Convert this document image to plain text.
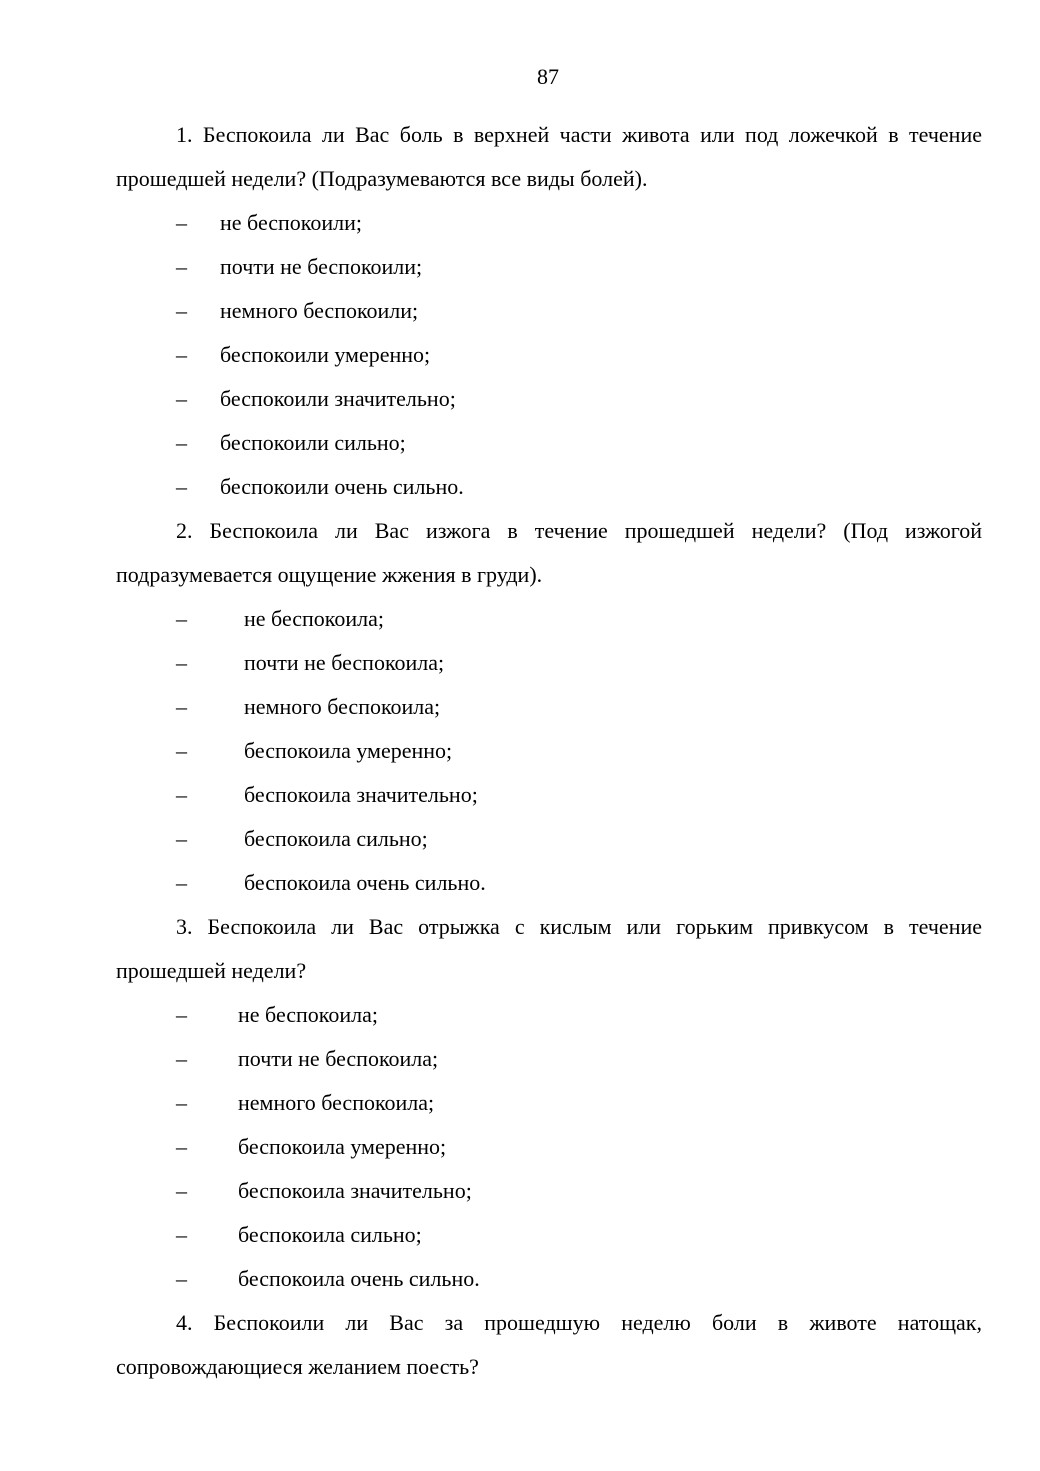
87

1. Беспокоила ли Вас боль в верхней части живота или под ложечкой в течение прошедшей недели? (Подразумеваются все виды болей).

– не беспокоили;
– почти не беспокоили;
– немного беспокоили;
– беспокоили умеренно;
– беспокоили значительно;
– беспокоили сильно;
– беспокоили очень сильно.

2. Беспокоила ли Вас изжога в течение прошедшей недели? (Под изжогой подразумевается ощущение жжения в груди).

–	не беспокоила;
–	почти не беспокоила;
–	немного беспокоила;
–	беспокоила умеренно;
–	беспокоила значительно;
–	беспокоила сильно;
–	беспокоила очень сильно.

3. Беспокоила ли Вас отрыжка с кислым или горьким привкусом в течение прошедшей недели?

– не беспокоила;
– почти не беспокоила;
– немного беспокоила;
– беспокоила умеренно;
– беспокоила значительно;
– беспокоила сильно;
– беспокоила очень сильно.

4. Беспокоили ли Вас за прошедшую неделю боли в животе натощак, сопровождающиеся желанием поесть?
